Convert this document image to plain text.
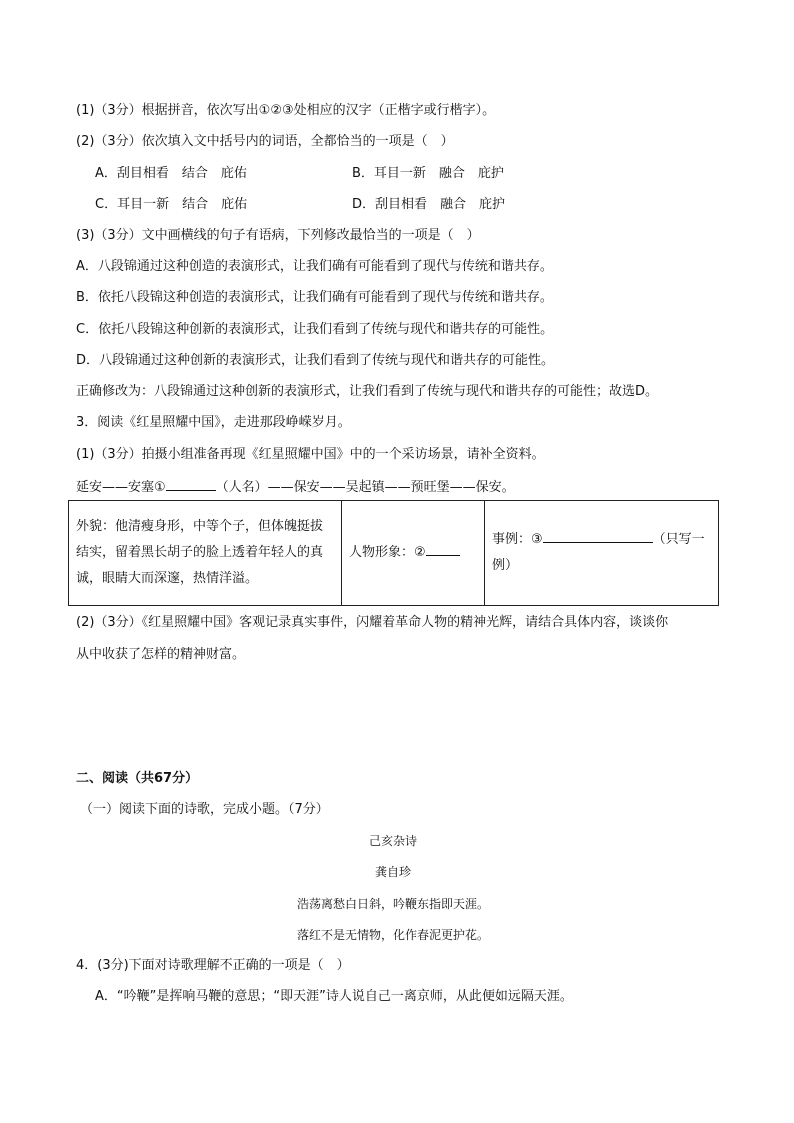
(1)（3分）根据拼音，依次写出①②③处相应的汉字（正楷字或行楷字）。
(2)（3分）依次填入文中括号内的词语，全都恰当的一项是（　）
A．刮目相看　结合　庇佑	B．耳目一新　融合　庇护
C．耳目一新　结合　庇佑	D．刮目相看　融合　庇护
(3)（3分）文中画横线的句子有语病，下列修改最恰当的一项是（　）
A．八段锦通过这种创造的表演形式，让我们确有可能看到了现代与传统和谐共存。
B．依托八段锦这种创造的表演形式，让我们确有可能看到了现代与传统和谐共存。
C．依托八段锦这种创新的表演形式，让我们看到了传统与现代和谐共存的可能性。
D．八段锦通过这种创新的表演形式，让我们看到了传统与现代和谐共存的可能性。
正确修改为：八段锦通过这种创新的表演形式，让我们看到了传统与现代和谐共存的可能性；故选D。
3．阅读《红星照耀中国》，走进那段峥嵘岁月。
(1)（3分）拍摄小组准备再现《红星照耀中国》中的一个采访场景，请补全资料。
延安——安塞①	（人名）——保安——吴起镇——预旺堡——保安。
外貌：他清瘦身形，中等个子，但体魄挺拔结实，留着黑长胡子的脸上透着年轻人的真诚，眼睛大而深邃，热情洋溢。	人物形象：②	事例：③	（只写一例）
(2)（3分）《红星照耀中国》客观记录真实事件，闪耀着革命人物的精神光辉，请结合具体内容，谈谈你
从中收获了怎样的精神财富。
二、阅读（共67分）
（一）阅读下面的诗歌，完成小题。（7分）
己亥杂诗
龚自珍
浩荡离愁白日斜，吟鞭东指即天涯。
落红不是无情物，化作春泥更护花。
4．(3分)下面对诗歌理解不正确的一项是（　）
A．“吟鞭”是挥响马鞭的意思；“即天涯”诗人说自己一离京师，从此便如远隔天涯。
